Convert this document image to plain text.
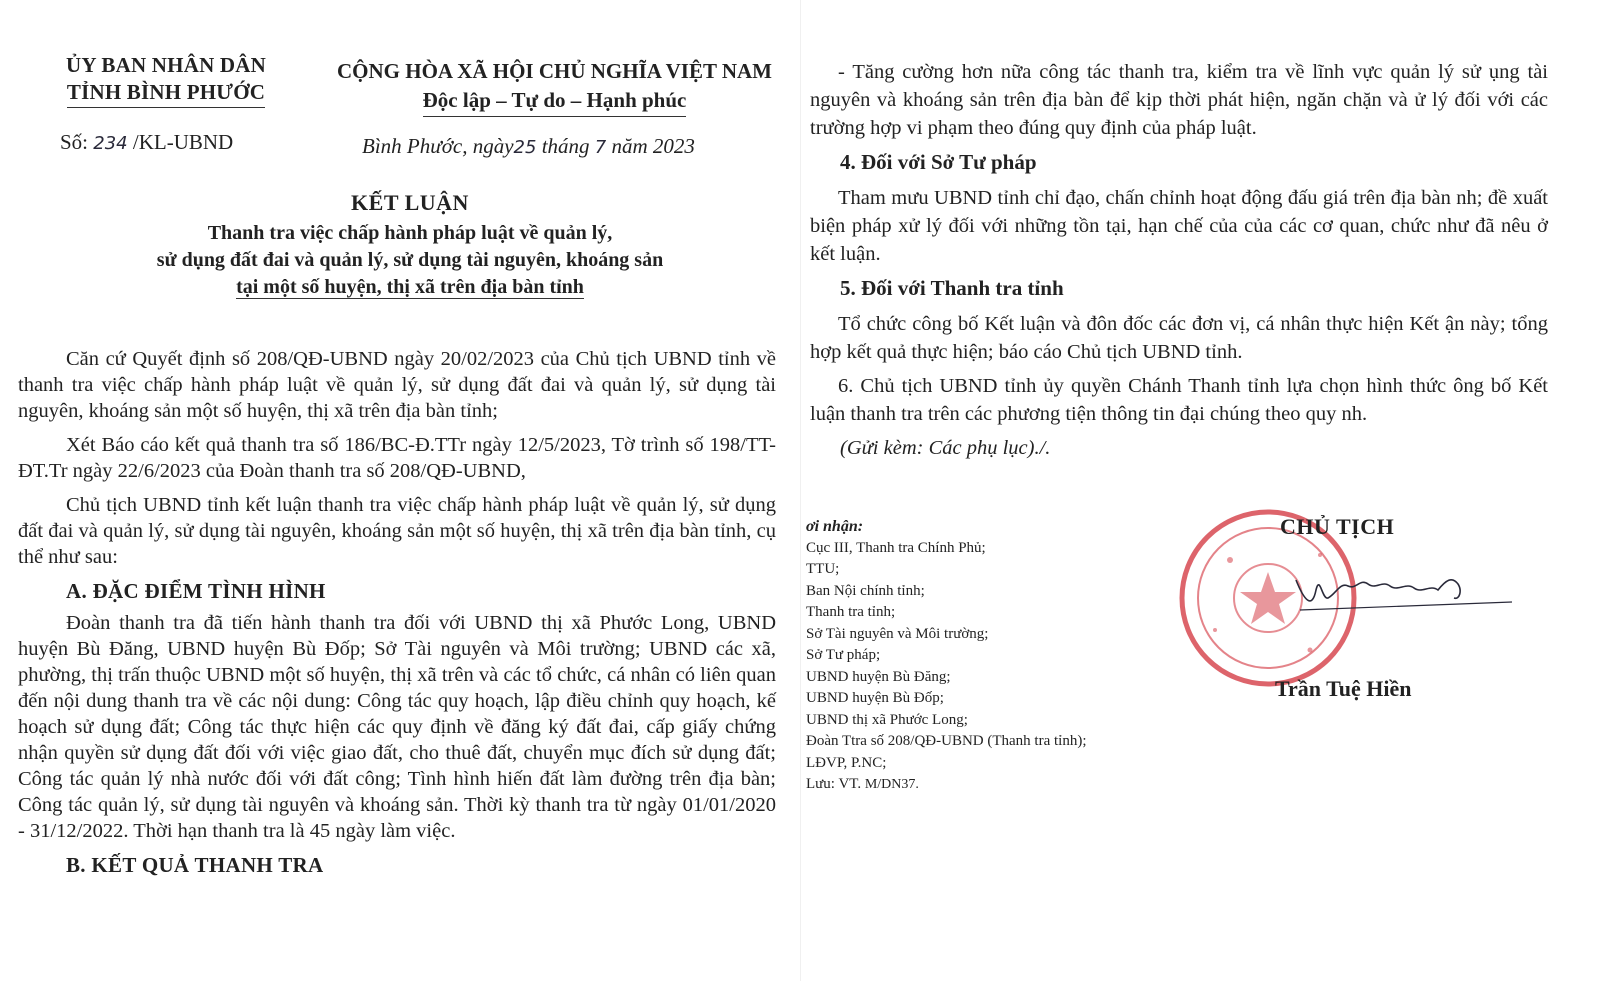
ỦY BAN NHÂN DÂN
TỈNH BÌNH PHƯỚC
CỘNG HÒA XÃ HỘI CHỦ NGHĨA VIỆT NAM
Độc lập – Tự do – Hạnh phúc
Số: 234 /KL-UBND	Bình Phước, ngày25 tháng 7 năm 2023
KẾT LUẬN
Thanh tra việc chấp hành pháp luật về quản lý,
sử dụng đất đai và quản lý, sử dụng tài nguyên, khoáng sản
tại một số huyện, thị xã trên địa bàn tỉnh

Căn cứ Quyết định số 208/QĐ-UBND ngày 20/02/2023 của Chủ tịch UBND tỉnh về thanh tra việc chấp hành pháp luật về quản lý, sử dụng đất đai và quản lý, sử dụng tài nguyên, khoáng sản một số huyện, thị xã trên địa bàn tỉnh;

Xét Báo cáo kết quả thanh tra số 186/BC-Đ.TTr ngày 12/5/2023, Tờ trình số 198/TT-ĐT.Tr ngày 22/6/2023 của Đoàn thanh tra số 208/QĐ-UBND,

Chủ tịch UBND tỉnh kết luận thanh tra việc chấp hành pháp luật về quản lý, sử dụng đất đai và quản lý, sử dụng tài nguyên, khoáng sản một số huyện, thị xã trên địa bàn tỉnh, cụ thể như sau:

A. ĐẶC ĐIỂM TÌNH HÌNH

Đoàn thanh tra đã tiến hành thanh tra đối với UBND thị xã Phước Long, UBND huyện Bù Đăng, UBND huyện Bù Đốp; Sở Tài nguyên và Môi trường; UBND các xã, phường, thị trấn thuộc UBND một số huyện, thị xã trên và các tổ chức, cá nhân có liên quan đến nội dung thanh tra về các nội dung: Công tác quy hoạch, lập điều chỉnh quy hoạch, kế hoạch sử dụng đất; Công tác thực hiện các quy định về đăng ký đất đai, cấp giấy chứng nhận quyền sử dụng đất đối với việc giao đất, cho thuê đất, chuyển mục đích sử dụng đất; Công tác quản lý nhà nước đối với đất công; Tình hình hiến đất làm đường trên địa bàn; Công tác quản lý, sử dụng tài nguyên và khoáng sản. Thời kỳ thanh tra từ ngày 01/01/2020 - 31/12/2022. Thời hạn thanh tra là 45 ngày làm việc.

B. KẾT QUẢ THANH TRA

- Tăng cường hơn nữa công tác thanh tra, kiểm tra về lĩnh vực quản lý sử ụng tài nguyên và khoáng sản trên địa bàn để kịp thời phát hiện, ngăn chặn và ử lý đối với các trường hợp vi phạm theo đúng quy định của pháp luật.

4. Đối với Sở Tư pháp

Tham mưu UBND tỉnh chỉ đạo, chấn chỉnh hoạt động đấu giá trên địa bàn nh; đề xuất biện pháp xử lý đối với những tồn tại, hạn chế của của các cơ quan, chức như đã nêu ở kết luận.

5. Đối với Thanh tra tỉnh

Tổ chức công bố Kết luận và đôn đốc các đơn vị, cá nhân thực hiện Kết ận này; tổng hợp kết quả thực hiện; báo cáo Chủ tịch UBND tỉnh.

6. Chủ tịch UBND tỉnh ủy quyền Chánh Thanh tỉnh lựa chọn hình thức ông bố Kết luận thanh tra trên các phương tiện thông tin đại chúng theo quy nh.

(Gửi kèm: Các phụ lục)./.
ơi nhận:
Cục III, Thanh tra Chính Phủ;
TTU;
Ban Nội chính tỉnh;
Thanh tra tỉnh;
Sở Tài nguyên và Môi trường;
Sở Tư pháp;
UBND huyện Bù Đăng;
UBND huyện Bù Đốp;
UBND thị xã Phước Long;
Đoàn Ttra số 208/QĐ-UBND (Thanh tra tỉnh);
LĐVP, P.NC;
Lưu: VT. M/DN37.
CHỦ TỊCH
Trần Tuệ Hiền
